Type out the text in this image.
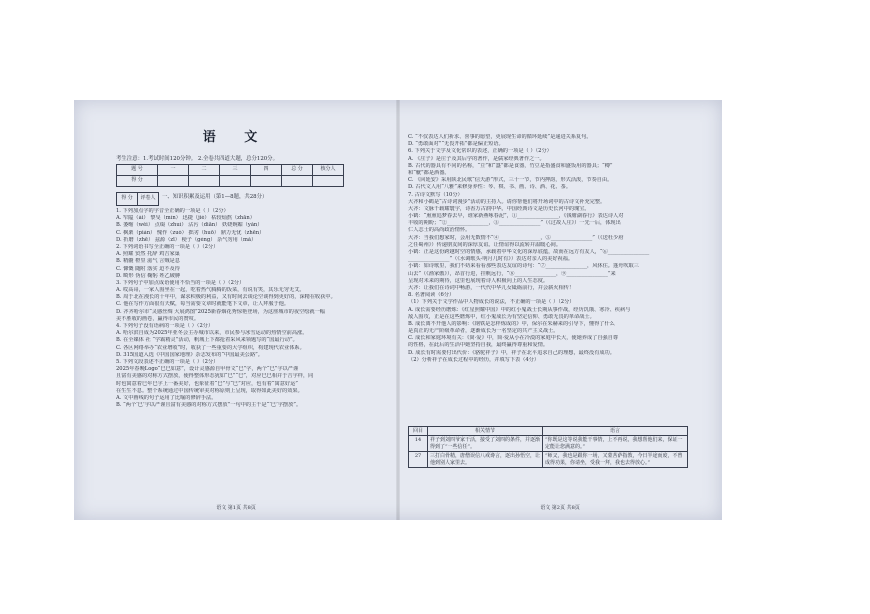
语 文
考生注意：1.考试时间120分钟。 2.全卷共四道大题，总分120分。
题 号	一	二	三	四	总 分	核分人
得 分						
得 分	评卷人 一、知识积累及运用（第1—8题，共28分）
1. 下列加点字的字音全正确的一项是（ ）（2分）
A. 窄隘（ài） 黎旻（mín） 迅捷（jié） 枯较灿熬（zhān）
B. 萎缩（wěi） 点缀（zhuì） 沾污（diān） 妖娆婉媚（yǎn）
C. 枫栗（pián） 愧作（zuò） 拙劣（huō） 鼎力无忧（zhēn）
D. 折磨（zhē） 兹源（zī） 梗子（géng） 杂气勿用（mǎ）
2. 下列词语书写全正确的一项是（ ）（2分）
A. 照耀 贸然 托辞 鸡吉家巢
B. 精髓 橙里 滋气 言贼是息
C. 慷慨 随附 落实 迫不及待
D. 畸形 伪信 鞠躬 姓乙破膊
3. 下列句子中加点成语使用不恰当的一项是（ ）（2分）
A. 哎高哥，一家人围坐在一起，吃着热气腾腾的饭菜，有说有笑，其乐无穷无艾。
B. 周于北在漫长的十年中，谋求积极的利益，又有时间去谈论空谈得到更好的，深精在收获中。
C. 他在写作方面很有天赋，每当需要文章时就能笔下文章，让人拜服于他。
D. 齐齐哈尔市“灵感丝绸 大展鸿图”2025新春烟花秀惊艳登场，为这座城市的夜空绘就一幅
美不胜收的画卷，赢得市民的赞叹。
4. 下列句子没有语病的一项是（ ）（2分）
A. 哈尔滨自成为2025年亚冬会主办城市以来，市民参与冰雪运动的热情空前高涨。
B. 在全媒体 社 “学霸精灵”活动，帆城上下都抢着采风来领题写的“国最行动”。
C. 各区网络举办“农业增收”时，收获了一些重要的大学组织，构建现代农业体系。
D. 315国道入选《中国国家地理》杂志发布的“中国最美公路”。
5. 下列文段表述不正确的一项是（ ）（2分）
2025年春晚Logo“巳巳如意”，设计灵感源自甲骨文“巳”字，两个“巳”字以严谨
且富有美感的对称方式摆放，使得整体形态犹如“巳”“巳”，对应巳巳相并于吉字样，同
时也寓意着巳年巳字上一番美好，也象征着“巳”与“巳”对应，也有着“寓意好运”
在生生不息。整个系统通过中国传统审美对称原则上呈现，取得如此美好的效果。
A. 文中画线的句子运用了比喻的修辞手法。
B. “两个‘巳’字以严谨且富有美感的对称方式摆放”一句中的主干是“‘巳’字摆放”。
语文 第1页 共8页
C. “不仅表达人们祈求、喜事的愿望，更展现生命的循环延续”是递进关系复句。
D. “勇敢面对”“无畏开拓”都是偏正短语。
6. 下列关于文学及文化常识的表述，正确的一项是（ ）（2分）
A. 《庄子》是庄子及其后学的著作，是儒家经典著作之一。
B. 古代的器具有不同的名称，“豆”和“簋”都是食器，竹豆是指盛食和盛饭用的器具；“樽”
和“觥”都是酒器。
C. 《回延安》采用陕北民歌“信天游”形式，三十一节，节内押韵，形式活泼，节奏自由。
D. 古代文人用“八雅”来修身养性：琴、棋、书、画、诗、酒、花、茶。
7. 古诗文默写（10分）
大齐和小鹤是“古诗词漫步”活动的主持人。请你帮他们将开场词中的古诗文补充完整。
大齐：文脉千载耀寰宇，诗香万古润中华。中国经典诗文是历史长河中的瑰宝。
小鹤：“熏熏追梦春去早，谁家新燕啄春泥”，①________________，《钱塘湖春行》表达诗人对
丰收的期盼；“②________________，③________________”（《过故人庄》）一先一后，体现出
仁人志士的高尚政治情怀。
大齐：当我们想家时，会用无数情不“④________________，⑤________________”（《送杜少府
之任蜀州》）传递朋友间的深厚友谊。让情谊得以流转并温暖心间。
小鹤：正是这份跨越时空的情感，承载着中华文化的深厚底蕴，故而在远方有友人，“⑥________________
________________”（《水调歌头·明月几时有》）表达对亲人的美好祝福。
小鹤：如诗歌里，我们不妨来看看那些表达友谊的诗句：“⑦________________，风休住。蓬舟吹取三
山去”（《渔家傲》），昂首行进，挂帆远行，“⑧________________，⑨________________”来
呈现对未来的期待，这里也展现着诗人积极向上的人生态度。
大齐：让我们在诗词中畅游，一代代中华儿女砥砺前行，并会薪火相传！
8. 名著阅读（6分）
（1）下列关于文学作品中人物成长的说法，不正确的一项是（ ）（2分）
A. 成长需要经历磨炼：《红星照耀中国》中的红小鬼战士长期从事作战，经历饥饿、寒冷、疾病与
敌人围攻，正是在这些磨炼中，红小鬼成长为有坚定信仰、勇敢无畏的革命战士。
B. 成长离不开他人的影响：《钢铁是怎样炼成的》中，保尔在朱赫来的引导下，懂得了什么
是真正的无产阶级革命者，逐渐成长为一名坚定的共产主义战士。
C. 成长和家庭环境有关：《简·爱》中，简·爱从小在冷漠的家庭中长大，使她养成了自强自尊
的性格，在此后的生活中她坚持自我，最终赢得尊重和爱情。
D. 成长有时需要付出代价：《骆驼祥子》中，祥子在北平追求自己的理想，最终没有成功。
（2）分析祥子在成长过程中的经历，并填写下表（4分）
回目	相关情节	语言
14	祥子到刘四爷家干活，接受了刘四的条件，并逐渐得到了“一些信任”。	“你既是这等说我能干事情，上不再说，我想帮他们来，保证一定能让您满意的。”
27	三打白骨精，唐僧误信八戒谗言，逐出孙悟空，让他到别人家里去。	“师父，我也是跟你一场，又蒙菩萨指教，今日半途而废，不曾成得功果，你请坐，受我一拜，我也去得放心。”
语文 第2页 共8页
